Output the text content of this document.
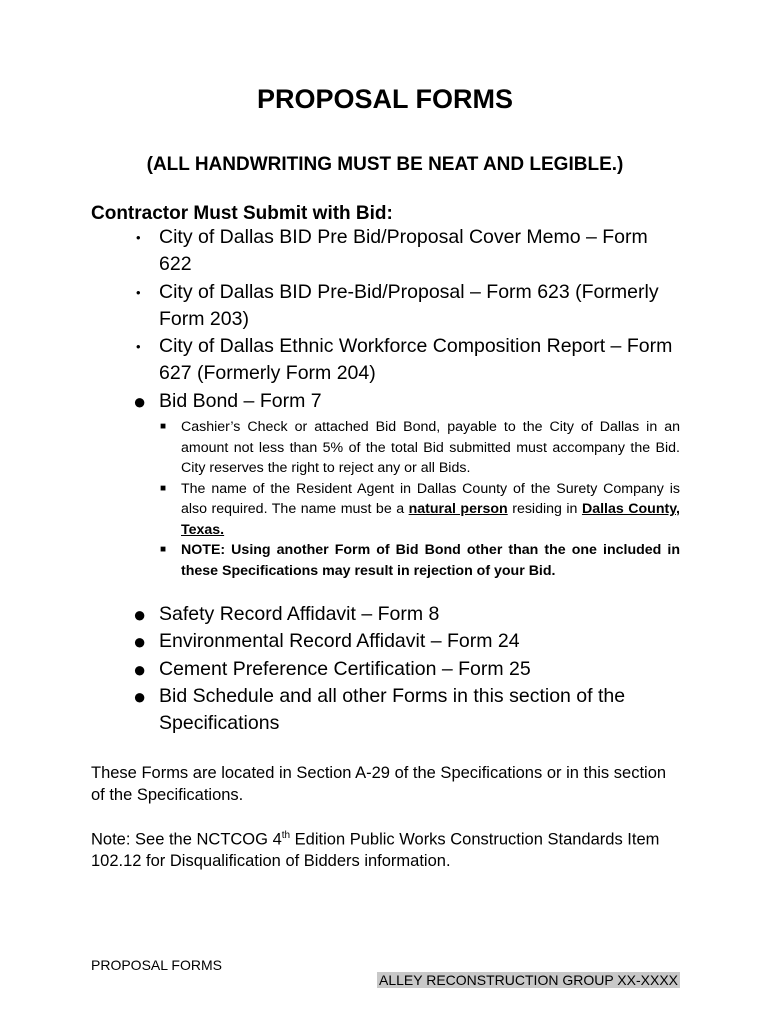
PROPOSAL FORMS
(ALL HANDWRITING MUST BE NEAT AND LEGIBLE.)
Contractor Must Submit with Bid:
• City of Dallas BID Pre Bid/Proposal Cover Memo – Form 622
• City of Dallas BID Pre-Bid/Proposal – Form 623 (Formerly Form 203)
• City of Dallas Ethnic Workforce Composition Report – Form 627 (Formerly Form 204)
● Bid Bond – Form 7
■ Cashier’s Check or attached Bid Bond, payable to the City of Dallas in an amount not less than 5% of the total Bid submitted must accompany the Bid. City reserves the right to reject any or all Bids.
■ The name of the Resident Agent in Dallas County of the Surety Company is also required. The name must be a natural person residing in Dallas County, Texas.
■ NOTE: Using another Form of Bid Bond other than the one included in these Specifications may result in rejection of your Bid.
● Safety Record Affidavit – Form 8
● Environmental Record Affidavit – Form 24
● Cement Preference Certification – Form 25
● Bid Schedule and all other Forms in this section of the Specifications
These Forms are located in Section A-29 of the Specifications or in this section of the Specifications.
Note: See the NCTCOG 4th Edition Public Works Construction Standards Item 102.12 for Disqualification of Bidders information.
PROPOSAL FORMS
ALLEY RECONSTRUCTION GROUP XX-XXXX
